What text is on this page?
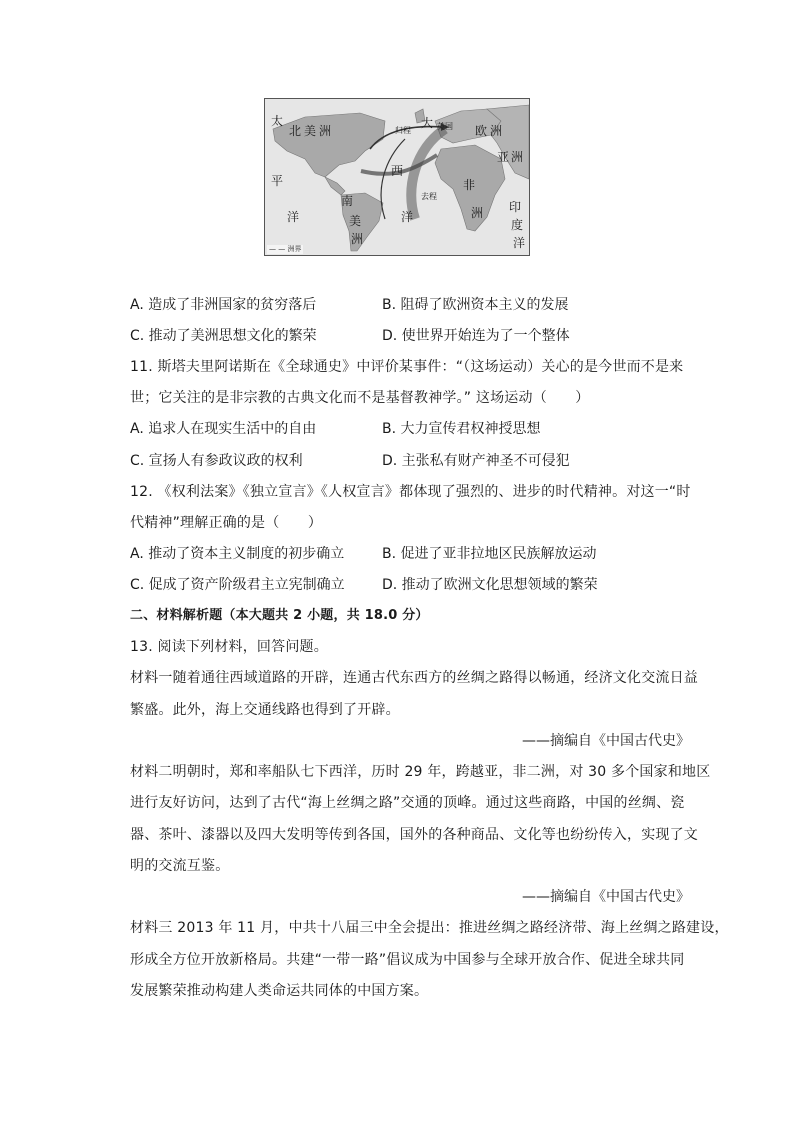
太
平
洋
北美洲	欧洲
亚 洲
非
洲
南
美
洲
大
西
洋
印
度
洋
归程
去程
英国
— — 洲界
A. 造成了非洲国家的贫穷落后	B. 阻碍了欧洲资本主义的发展
C. 推动了美洲思想文化的繁荣	D. 使世界开始连为了一个整体
11. 斯塔夫里阿诺斯在《全球通史》中评价某事件：“（这场运动）关心的是今世而不是来
世；它关注的是非宗教的古典文化而不是基督教神学。” 这场运动（　　）
A. 追求人在现实生活中的自由	B. 大力宣传君权神授思想
C. 宣扬人有参政议政的权利	D. 主张私有财产神圣不可侵犯
12. 《权利法案》《独立宣言》《人权宣言》都体现了强烈的、进步的时代精神。对这一“时
代精神”理解正确的是（　　）
A. 推动了资本主义制度的初步确立	B. 促进了亚非拉地区民族解放运动
C. 促成了资产阶级君主立宪制确立	D. 推动了欧洲文化思想领域的繁荣
二、材料解析题（本大题共 2 小题，共 18.0 分）
13. 阅读下列材料，回答问题。
材料一随着通往西域道路的开辟，连通古代东西方的丝绸之路得以畅通，经济文化交流日益
繁盛。此外，海上交通线路也得到了开辟。
——摘编自《中国古代史》
材料二明朝时，郑和率船队七下西洋，历时 29 年，跨越亚，非二洲，对 30 多个国家和地区
进行友好访问，达到了古代“海上丝绸之路”交通的顶峰。通过这些商路，中国的丝绸、瓷
器、茶叶、漆器以及四大发明等传到各国，国外的各种商品、文化等也纷纷传入，实现了文
明的交流互鉴。
——摘编自《中国古代史》
材料三 2013 年 11 月，中共十八届三中全会提出：推进丝绸之路经济带、海上丝绸之路建设，
形成全方位开放新格局。共建“一带一路”倡议成为中国参与全球开放合作、促进全球共同
发展繁荣推动构建人类命运共同体的中国方案。
